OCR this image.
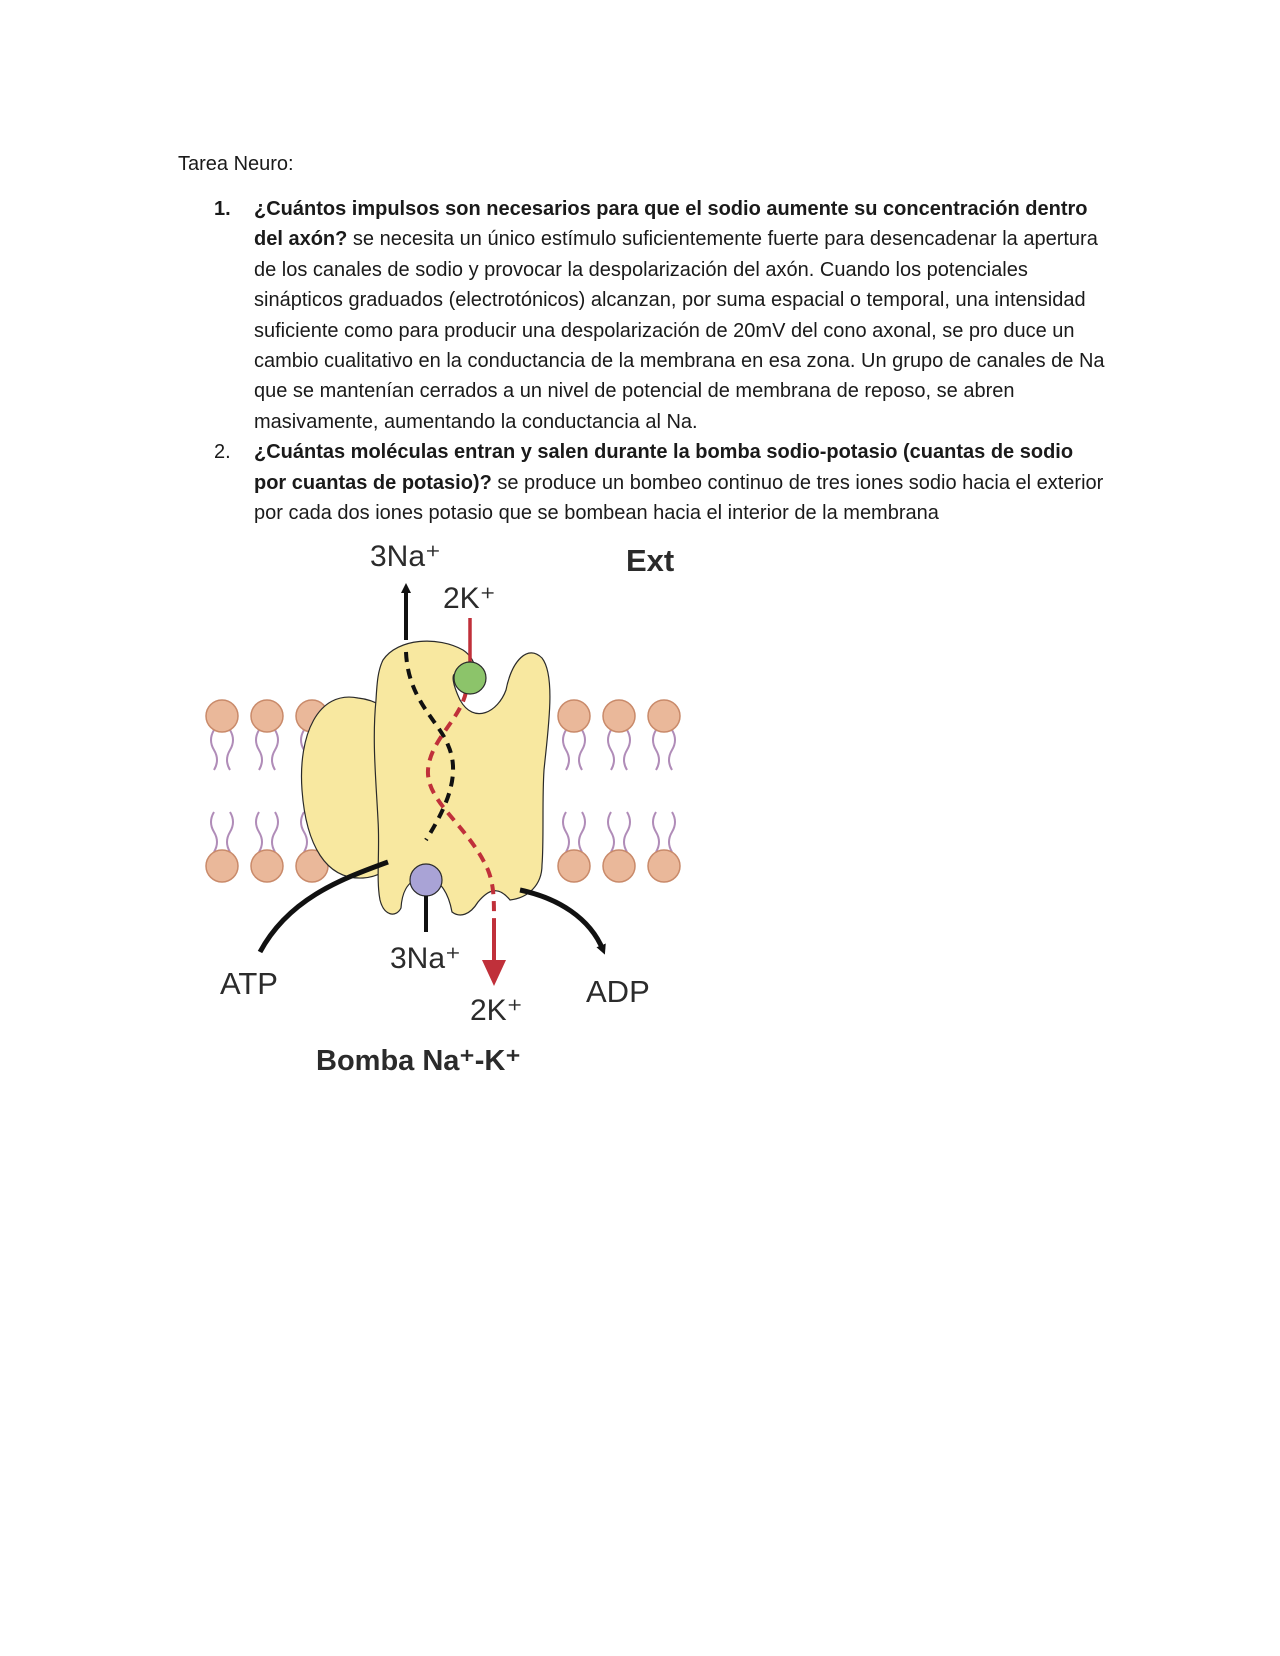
Tarea Neuro:
1. ¿Cuántos impulsos son necesarios para que el sodio aumente su concentración dentro del axón? se necesita un único estímulo suficientemente fuerte para desencadenar la apertura de los canales de sodio y provocar la despolarización del axón. Cuando los potenciales sinápticos graduados (electrotónicos) alcanzan, por suma espacial o temporal, una intensidad suficiente como para producir una despolarización de 20mV del cono axonal, se pro duce un cambio cualitativo en la conductancia de la membrana en esa zona. Un grupo de canales de Na que se mantenían cerrados a un nivel de potencial de membrana de reposo, se abren masivamente, aumentando la conductancia al Na.
2. ¿Cuántas moléculas entran y salen durante la bomba sodio-potasio (cuantas de sodio por cuantas de potasio)? se produce un bombeo continuo de tres iones sodio hacia el exterior por cada dos iones potasio que se bombean hacia el interior de la membrana
Ext
3Na⁺
2K⁺
3Na⁺
2K⁺
ATP	ADP
Bomba Na⁺-K⁺
